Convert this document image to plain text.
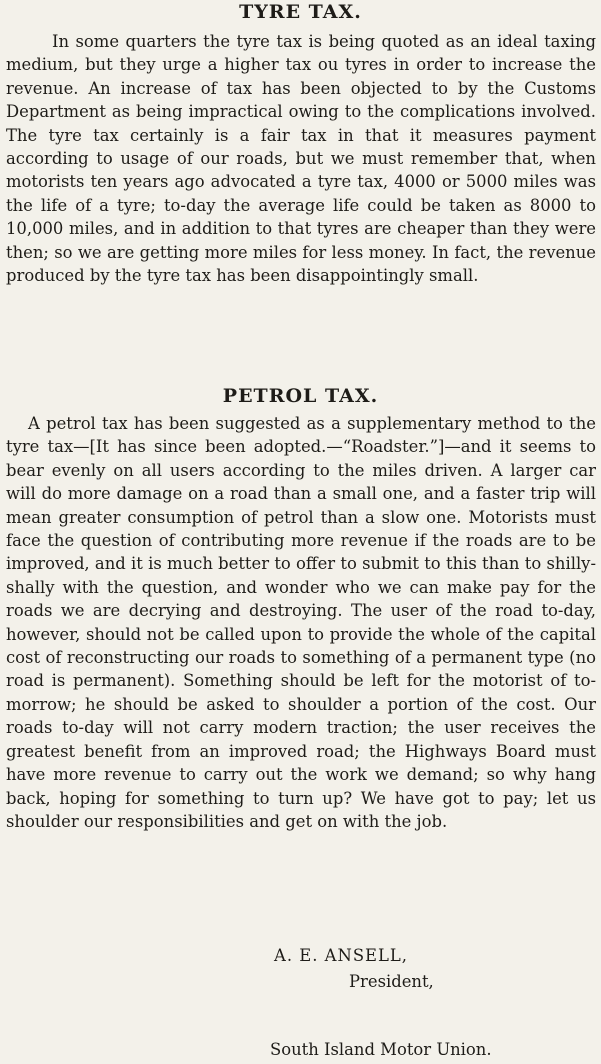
TYRE TAX.

In some quarters the tyre tax is being quoted as an ideal taxing medium, but they urge a higher tax ou tyres in order to increase the revenue. An increase of tax has been objected to by the Customs Department as being impractical owing to the complications involved. The tyre tax certainly is a fair tax in that it measures payment according to usage of our roads, but we must remember that, when motorists ten years ago advocated a tyre tax, 4000 or 5000 miles was the life of a tyre; to-day the average life could be taken as 8000 to 10,000 miles, and in addition to that tyres are cheaper than they were then; so we are getting more miles for less money. In fact, the revenue produced by the tyre tax has been disappointingly small.

PETROL TAX.

A petrol tax has been suggested as a supplementary method to the tyre tax—[It has since been adopted.—“Roadster.”]—and it seems to bear evenly on all users according to the miles driven. A larger car will do more damage on a road than a small one, and a faster trip will mean greater consumption of petrol than a slow one. Motorists must face the question of contributing more revenue if the roads are to be improved, and it is much better to offer to submit to this than to shilly-shally with the question, and wonder who we can make pay for the roads we are decrying and destroying. The user of the road to-day, however, should not be called upon to provide the whole of the capital cost of reconstructing our roads to something of a permanent type (no road is permanent). Something should be left for the motorist of to-morrow; he should be asked to shoulder a portion of the cost. Our roads to-day will not carry modern traction; the user receives the greatest benefit from an improved road; the Highways Board must have more revenue to carry out the work we demand; so why hang back, hoping for something to turn up? We have got to pay; let us shoulder our responsibilities and get on with the job.

A. E. ANSELL,
President,
South Island Motor Union.
